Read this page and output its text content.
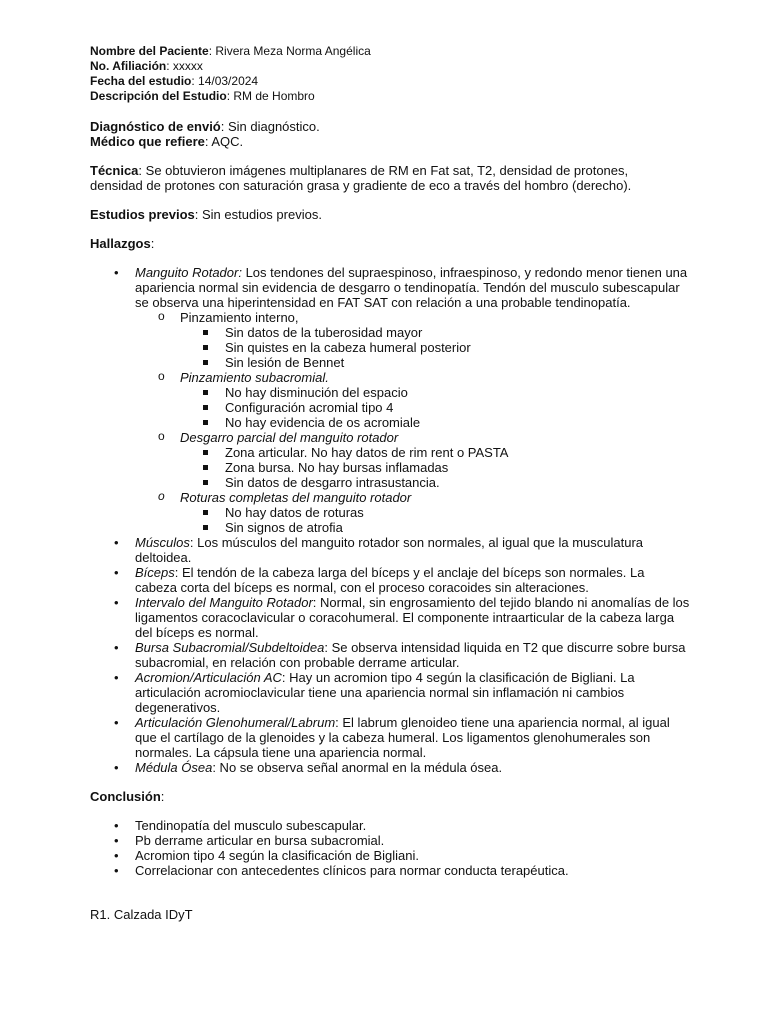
Nombre del Paciente: Rivera Meza Norma Angélica

No. Afiliación: xxxxx

Fecha del estudio: 14/03/2024

Descripción del Estudio: RM de Hombro

Diagnóstico de envió: Sin diagnóstico.

Médico que refiere: AQC.

Técnica: Se obtuvieron imágenes multiplanares de RM en Fat sat, T2, densidad de protones, densidad de protones con saturación grasa y gradiente de eco a través del hombro (derecho).

Estudios previos: Sin estudios previos.

Hallazgos:

• Manguito Rotador: Los tendones del supraespinoso, infraespinoso, y redondo menor tienen una apariencia normal sin evidencia de desgarro o tendinopatía. Tendón del musculo subescapular se observa una hiperintensidad en FAT SAT con relación a una probable tendinopatía.
o Pinzamiento interno,
Sin datos de la tuberosidad mayor
Sin quistes en la cabeza humeral posterior
Sin lesión de Bennet
o Pinzamiento subacromial.
No hay disminución del espacio
Configuración acromial tipo 4
No hay evidencia de os acromiale
o Desgarro parcial del manguito rotador
Zona articular. No hay datos de rim rent o PASTA
Zona bursa. No hay bursas inflamadas
Sin datos de desgarro intrasustancia.
o Roturas completas del manguito rotador
No hay datos de roturas
Sin signos de atrofia
• Músculos: Los músculos del manguito rotador son normales, al igual que la musculatura deltoidea.
• Bíceps: El tendón de la cabeza larga del bíceps y el anclaje del bíceps son normales. La cabeza corta del bíceps es normal, con el proceso coracoides sin alteraciones.
• Intervalo del Manguito Rotador: Normal, sin engrosamiento del tejido blando ni anomalías de los ligamentos coracoclavicular o coracohumeral. El componente intraarticular de la cabeza larga del bíceps es normal.
• Bursa Subacromial/Subdeltoidea: Se observa intensidad liquida en T2 que discurre sobre bursa subacromial, en relación con probable derrame articular.
• Acromion/Articulación AC: Hay un acromion tipo 4 según la clasificación de Bigliani. La articulación acromioclavicular tiene una apariencia normal sin inflamación ni cambios degenerativos.
• Articulación Glenohumeral/Labrum: El labrum glenoideo tiene una apariencia normal, al igual que el cartílago de la glenoides y la cabeza humeral. Los ligamentos glenohumerales son normales. La cápsula tiene una apariencia normal.
• Médula Ósea: No se observa señal anormal en la médula ósea.

Conclusión:

• Tendinopatía del musculo subescapular.
• Pb derrame articular en bursa subacromial.
• Acromion tipo 4 según la clasificación de Bigliani.
• Correlacionar con antecedentes clínicos para normar conducta terapéutica.

R1. Calzada IDyT
